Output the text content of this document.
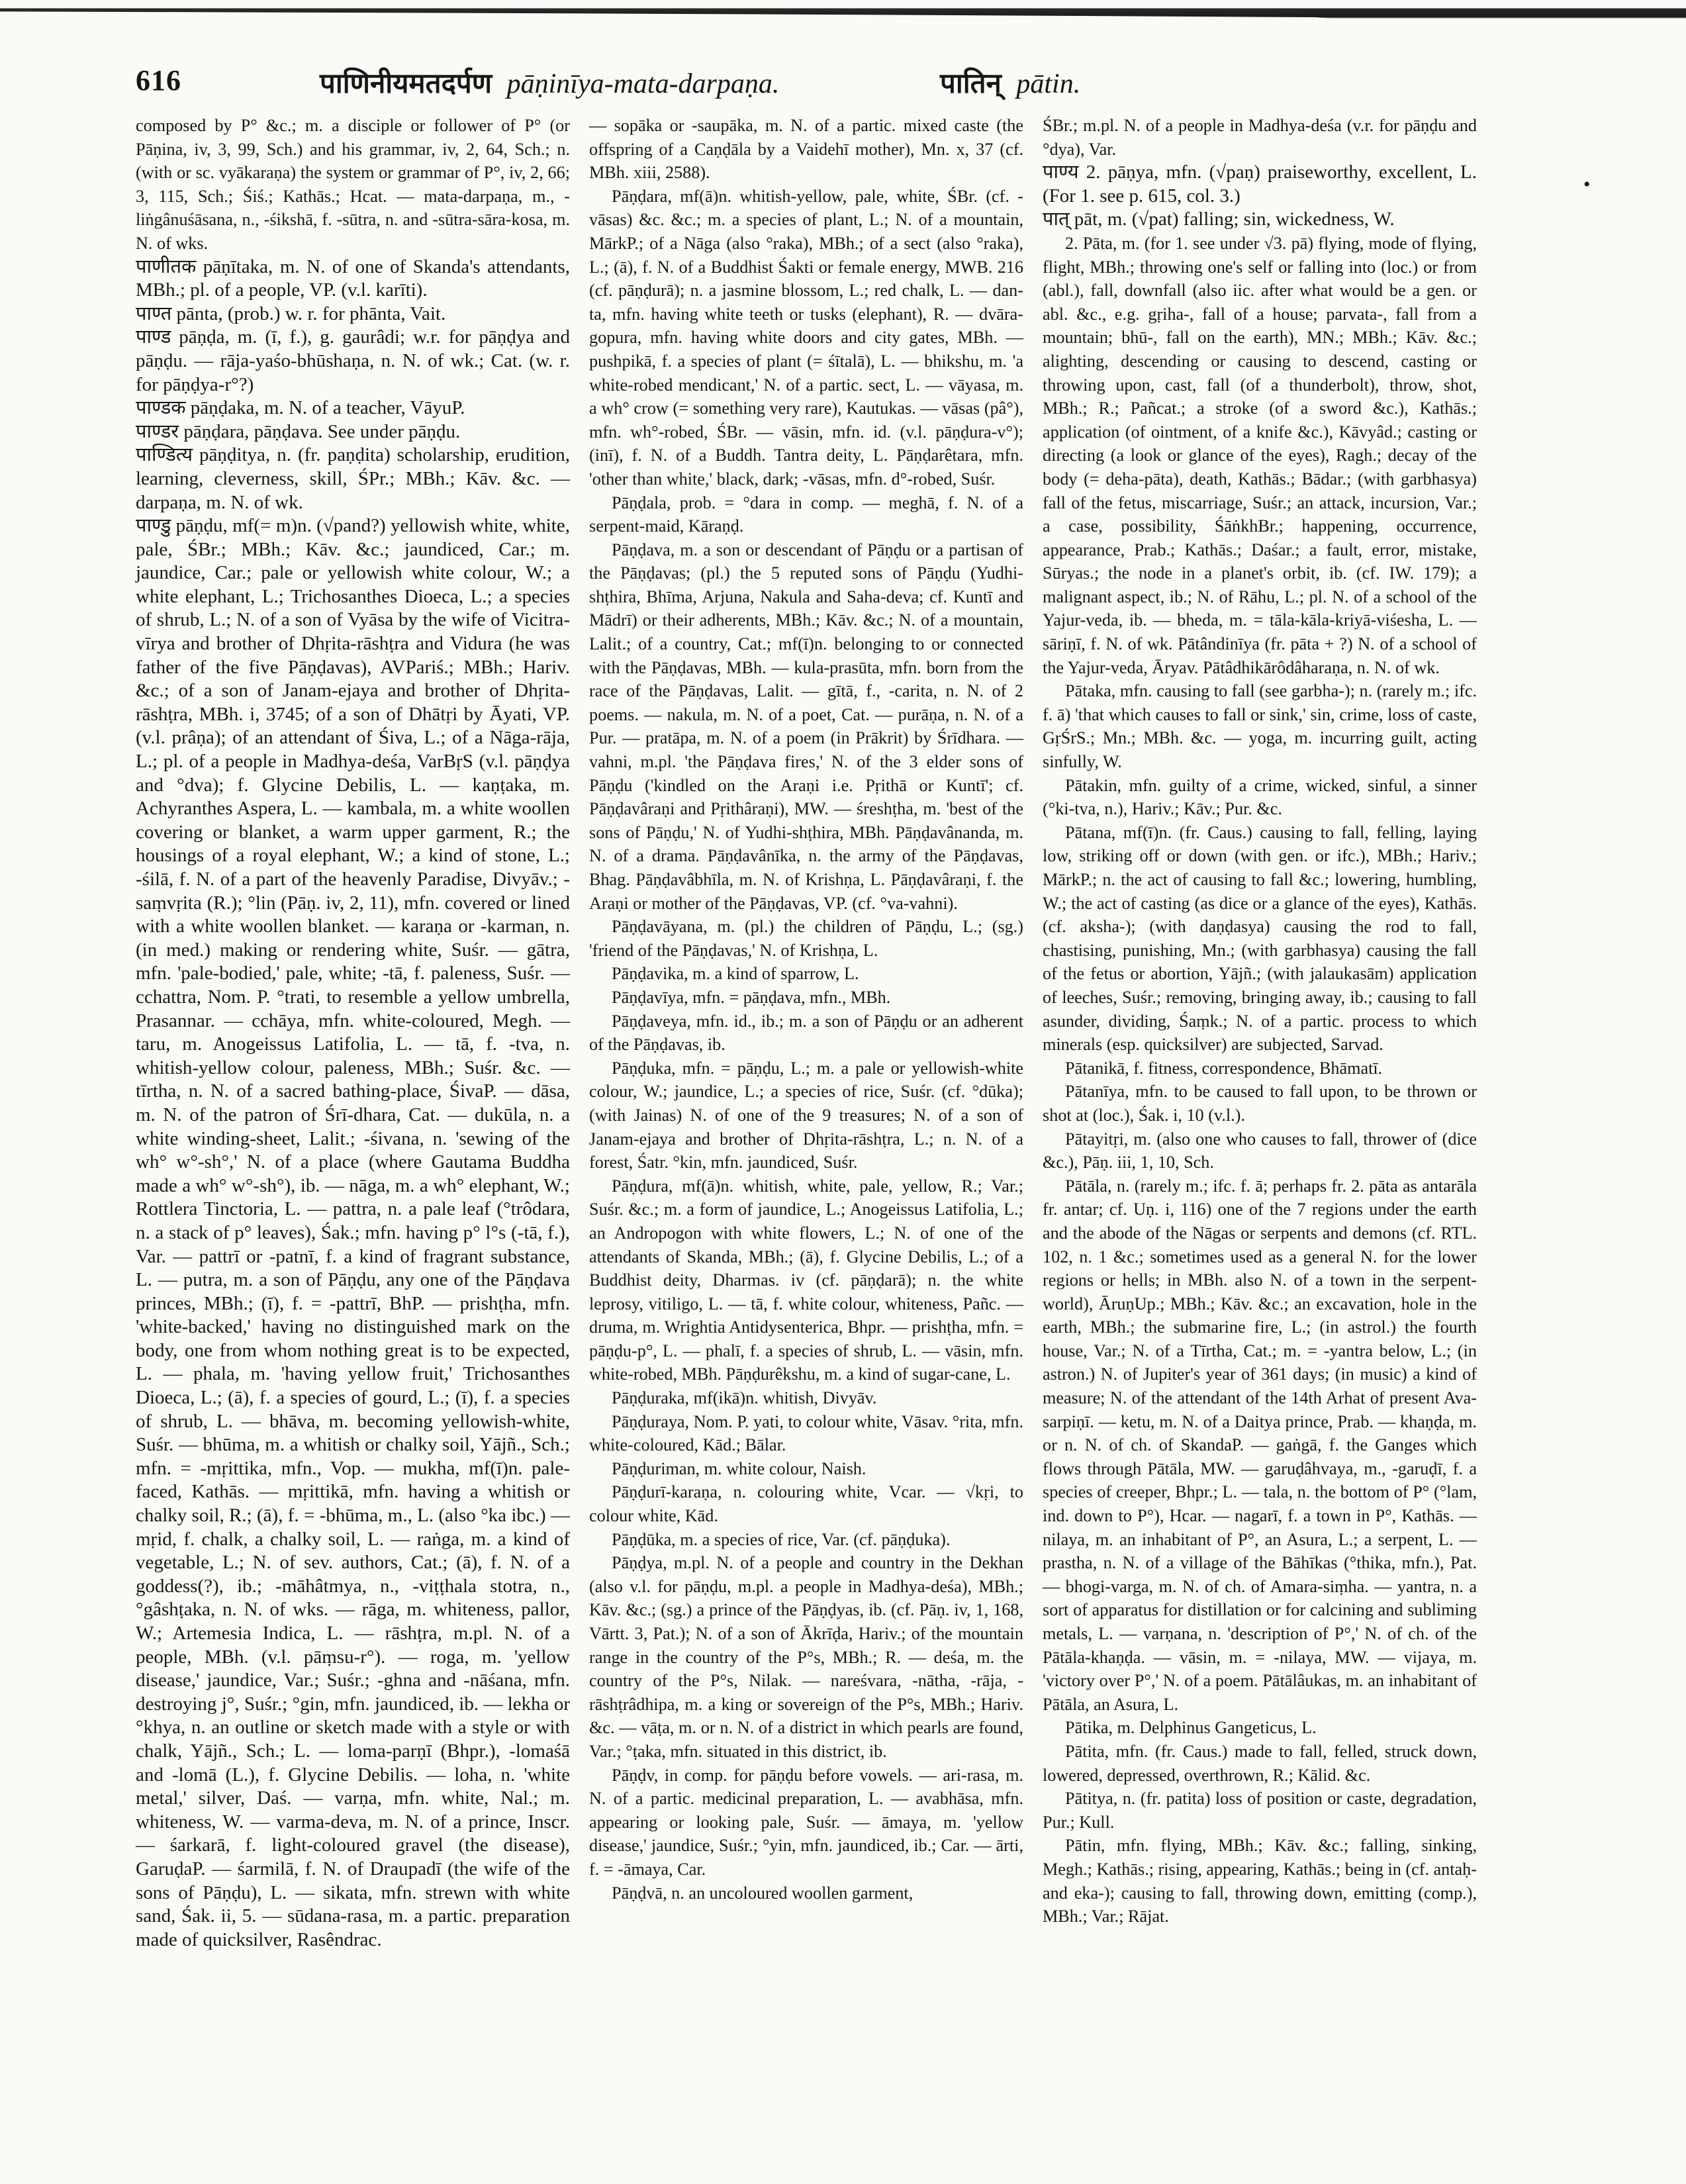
616	पाणिनीयमतदर्पण pāṇinīya-mata-darpaṇa.	पातिन् pātin.
•

composed by P° &c.; m. a disciple or follower of P° (or Pāṇina, iv, 3, 99, Sch.) and his grammar, iv, 2, 64, Sch.; n. (with or sc. vyākaraṇa) the system or grammar of P°, iv, 2, 66; 3, 115, Sch.; Śiś.; Kathās.; Hcat. — mata-darpaṇa, m., -liṅgânuśāsana, n., -śikshā, f. -sūtra, n. and -sūtra-sāra-kosa, m. N. of wks.

पाणीतक pāṇītaka, m. N. of one of Skanda's attendants, MBh.; pl. of a people, VP. (v.l. karīti).

पाण्त pānta, (prob.) w. r. for phānta, Vait.

पाण्ड pāṇḍa, m. (ī, f.), g. gaurâdi; w.r. for pāṇḍya and pāṇḍu. — rāja-yaśo-bhūshaṇa, n. N. of wk.; Cat. (w. r. for pāṇḍya-r°?)

पाण्डक pāṇḍaka, m. N. of a teacher, VāyuP.

पाण्डर pāṇḍara, pāṇḍava. See under pāṇḍu.

पाण्डित्य pāṇḍitya, n. (fr. paṇḍita) scholarship, erudition, learning, cleverness, skill, ŚPr.; MBh.; Kāv. &c. — darpaṇa, m. N. of wk.

पाण्डु pāṇḍu, mf(= m)n. (√pand?) yellowish white, white, pale, ŚBr.; MBh.; Kāv. &c.; jaundiced, Car.; m. jaundice, Car.; pale or yellowish white colour, W.; a white elephant, L.; Trichosanthes Dioeca, L.; a species of shrub, L.; N. of a son of Vyāsa by the wife of Vicitra-vīrya and brother of Dhṛita-rāshṭra and Vidura (he was father of the five Pāṇḍavas), AVPariś.; MBh.; Hariv. &c.; of a son of Janam-ejaya and brother of Dhṛita-rāshṭra, MBh. i, 3745; of a son of Dhātṛi by Āyati, VP. (v.l. prâṇa); of an attendant of Śiva, L.; of a Nāga-rāja, L.; pl. of a people in Madhya-deśa, VarBṛS (v.l. pāṇḍya and °dva); f. Glycine Debilis, L. — kaṇṭaka, m. Achyranthes Aspera, L. — kambala, m. a white woollen covering or blanket, a warm upper garment, R.; the housings of a royal elephant, W.; a kind of stone, L.; -śilā, f. N. of a part of the heavenly Paradise, Divyāv.; -saṃvṛita (R.); °lin (Pāṇ. iv, 2, 11), mfn. covered or lined with a white woollen blanket. — karaṇa or -karman, n. (in med.) making or rendering white, Suśr. — gātra, mfn. 'pale-bodied,' pale, white; -tā, f. paleness, Suśr. — cchattra, Nom. P. °trati, to resemble a yellow umbrella, Prasannar. — cchāya, mfn. white-coloured, Megh. — taru, m. Anogeissus Latifolia, L. — tā, f. -tva, n. whitish-yellow colour, paleness, MBh.; Suśr. &c. — tīrtha, n. N. of a sacred bathing-place, ŚivaP. — dāsa, m. N. of the patron of Śrī-dhara, Cat. — dukūla, n. a white winding-sheet, Lalit.; -śivana, n. 'sewing of the wh° w°-sh°,' N. of a place (where Gautama Buddha made a wh° w°-sh°), ib. — nāga, m. a wh° elephant, W.; Rottlera Tinctoria, L. — pattra, n. a pale leaf (°trôdara, n. a stack of p° leaves), Śak.; mfn. having p° l°s (-tā, f.), Var. — pattrī or -patnī, f. a kind of fragrant substance, L. — putra, m. a son of Pāṇḍu, any one of the Pāṇḍava princes, MBh.; (ī), f. = -pattrī, BhP. — prishṭha, mfn. 'white-backed,' having no distinguished mark on the body, one from whom nothing great is to be expected, L. — phala, m. 'having yellow fruit,' Trichosanthes Dioeca, L.; (ā), f. a species of gourd, L.; (ī), f. a species of shrub, L. — bhāva, m. becoming yellowish-white, Suśr. — bhūma, m. a whitish or chalky soil, Yājñ., Sch.; mfn. = -mṛittika, mfn., Vop. — mukha, mf(ī)n. pale-faced, Kathās. — mṛittikā, mfn. having a whitish or chalky soil, R.; (ā), f. = -bhūma, m., L. (also °ka ibc.) — mṛid, f. chalk, a chalky soil, L. — raṅga, m. a kind of vegetable, L.; N. of sev. authors, Cat.; (ā), f. N. of a goddess(?), ib.; -māhâtmya, n., -viṭṭhala stotra, n., °gâshṭaka, n. N. of wks. — rāga, m. whiteness, pallor, W.; Artemesia Indica, L. — rāshṭra, m.pl. N. of a people, MBh. (v.l. pāṃsu-r°). — roga, m. 'yellow disease,' jaundice, Var.; Suśr.; -ghna and -nāśana, mfn. destroying j°, Suśr.; °gin, mfn. jaundiced, ib. — lekha or °khya, n. an outline or sketch made with a style or with chalk, Yājñ., Sch.; L. — loma-parṇī (Bhpr.), -lomaśā and -lomā (L.), f. Glycine Debilis. — loha, n. 'white metal,' silver, Daś. — varṇa, mfn. white, Nal.; m. whiteness, W. — varma-deva, m. N. of a prince, Inscr. — śarkarā, f. light-coloured gravel (the disease), GaruḍaP. — śarmilā, f. N. of Draupadī (the wife of the sons of Pāṇḍu), L. — sikata, mfn. strewn with white sand, Śak. ii, 5. — sūdana-rasa, m. a partic. preparation made of quicksilver, Rasêndrac.

— sopāka or -saupāka, m. N. of a partic. mixed caste (the offspring of a Caṇḍāla by a Vaidehī mother), Mn. x, 37 (cf. MBh. xiii, 2588).

Pāṇḍara, mf(ā)n. whitish-yellow, pale, white, ŚBr. (cf. -vāsas) &c. &c.; m. a species of plant, L.; N. of a mountain, MārkP.; of a Nāga (also °raka), MBh.; of a sect (also °raka), L.; (ā), f. N. of a Buddhist Śakti or female energy, MWB. 216 (cf. pāṇḍurā); n. a jasmine blossom, L.; red chalk, L. — dan-ta, mfn. having white teeth or tusks (elephant), R. — dvāra-gopura, mfn. having white doors and city gates, MBh. — pushpikā, f. a species of plant (= śītalā), L. — bhikshu, m. 'a white-robed mendicant,' N. of a partic. sect, L. — vāyasa, m. a wh° crow (= something very rare), Kautukas. — vāsas (pâ°), mfn. wh°-robed, ŚBr. — vāsin, mfn. id. (v.l. pāṇḍura-v°); (inī), f. N. of a Buddh. Tantra deity, L. Pāṇḍarêtara, mfn. 'other than white,' black, dark; -vāsas, mfn. d°-robed, Suśr.

Pāṇḍala, prob. = °dara in comp. — meghā, f. N. of a serpent-maid, Kāraṇḍ.

Pāṇḍava, m. a son or descendant of Pāṇḍu or a partisan of the Pāṇḍavas; (pl.) the 5 reputed sons of Pāṇḍu (Yudhi-shṭhira, Bhīma, Arjuna, Nakula and Saha-deva; cf. Kuntī and Mādrī) or their adherents, MBh.; Kāv. &c.; N. of a mountain, Lalit.; of a country, Cat.; mf(ī)n. belonging to or connected with the Pāṇḍavas, MBh. — kula-prasūta, mfn. born from the race of the Pāṇḍavas, Lalit. — gītā, f., -carita, n. N. of 2 poems. — nakula, m. N. of a poet, Cat. — purāṇa, n. N. of a Pur. — pratāpa, m. N. of a poem (in Prākrit) by Śrīdhara. — vahni, m.pl. 'the Pāṇḍava fires,' N. of the 3 elder sons of Pāṇḍu ('kindled on the Araṇi i.e. Pṛithā or Kuntī'; cf. Pāṇḍavâraṇi and Pṛithâraṇi), MW. — śreshṭha, m. 'best of the sons of Pāṇḍu,' N. of Yudhi-shṭhira, MBh. Pāṇḍavânanda, m. N. of a drama. Pāṇḍavânīka, n. the army of the Pāṇḍavas, Bhag. Pāṇḍavâbhīla, m. N. of Krishṇa, L. Pāṇḍavâraṇi, f. the Araṇi or mother of the Pāṇḍavas, VP. (cf. °va-vahni).

Pāṇḍavāyana, m. (pl.) the children of Pāṇḍu, L.; (sg.) 'friend of the Pāṇḍavas,' N. of Krishṇa, L.

Pāṇḍavika, m. a kind of sparrow, L.

Pāṇḍavīya, mfn. = pāṇḍava, mfn., MBh.

Pāṇḍaveya, mfn. id., ib.; m. a son of Pāṇḍu or an adherent of the Pāṇḍavas, ib.

Pāṇḍuka, mfn. = pāṇḍu, L.; m. a pale or yellowish-white colour, W.; jaundice, L.; a species of rice, Suśr. (cf. °dūka); (with Jainas) N. of one of the 9 treasures; N. of a son of Janam-ejaya and brother of Dhṛita-rāshṭra, L.; n. N. of a forest, Śatr. °kin, mfn. jaundiced, Suśr.

Pāṇḍura, mf(ā)n. whitish, white, pale, yellow, R.; Var.; Suśr. &c.; m. a form of jaundice, L.; Anogeissus Latifolia, L.; an Andropogon with white flowers, L.; N. of one of the attendants of Skanda, MBh.; (ā), f. Glycine Debilis, L.; of a Buddhist deity, Dharmas. iv (cf. pāṇḍarā); n. the white leprosy, vitiligo, L. — tā, f. white colour, whiteness, Pañc. — druma, m. Wrightia Antidysenterica, Bhpr. — prishṭha, mfn. = pāṇḍu-p°, L. — phalī, f. a species of shrub, L. — vāsin, mfn. white-robed, MBh. Pāṇḍurêkshu, m. a kind of sugar-cane, L.

Pāṇḍuraka, mf(ikā)n. whitish, Divyāv.

Pāṇḍuraya, Nom. P. yati, to colour white, Vāsav. °rita, mfn. white-coloured, Kād.; Bālar.

Pāṇḍuriman, m. white colour, Naish.

Pāṇḍurī-karaṇa, n. colouring white, Vcar. — √kṛi, to colour white, Kād.

Pāṇḍūka, m. a species of rice, Var. (cf. pāṇḍuka).

Pāṇḍya, m.pl. N. of a people and country in the Dekhan (also v.l. for pāṇḍu, m.pl. a people in Madhya-deśa), MBh.; Kāv. &c.; (sg.) a prince of the Pāṇḍyas, ib. (cf. Pāṇ. iv, 1, 168, Vārtt. 3, Pat.); N. of a son of Ākrīḍa, Hariv.; of the mountain range in the country of the P°s, MBh.; R. — deśa, m. the country of the P°s, Nilak. — nareśvara, -nātha, -rāja, -rāshṭrâdhipa, m. a king or sovereign of the P°s, MBh.; Hariv. &c. — vāṭa, m. or n. N. of a district in which pearls are found, Var.; °ṭaka, mfn. situated in this district, ib.

Pāṇḍv, in comp. for pāṇḍu before vowels. — ari-rasa, m. N. of a partic. medicinal preparation, L. — avabhāsa, mfn. appearing or looking pale, Suśr. — āmaya, m. 'yellow disease,' jaundice, Suśr.; °yin, mfn. jaundiced, ib.; Car. — ārti, f. = -āmaya, Car.

Pāṇḍvā, n. an uncoloured woollen garment,

ŚBr.; m.pl. N. of a people in Madhya-deśa (v.r. for pāṇḍu and °dya), Var.

पाण्य 2. pāṇya, mfn. (√paṇ) praiseworthy, excellent, L. (For 1. see p. 615, col. 3.)

पात् pāt, m. (√pat) falling; sin, wickedness, W.

2. Pāta, m. (for 1. see under √3. pā) flying, mode of flying, flight, MBh.; throwing one's self or falling into (loc.) or from (abl.), fall, downfall (also iic. after what would be a gen. or abl. &c., e.g. gṛiha-, fall of a house; parvata-, fall from a mountain; bhū-, fall on the earth), MN.; MBh.; Kāv. &c.; alighting, descending or causing to descend, casting or throwing upon, cast, fall (of a thunderbolt), throw, shot, MBh.; R.; Pañcat.; a stroke (of a sword &c.), Kathās.; application (of ointment, of a knife &c.), Kāvyâd.; casting or directing (a look or glance of the eyes), Ragh.; decay of the body (= deha-pāta), death, Kathās.; Bādar.; (with garbhasya) fall of the fetus, miscarriage, Suśr.; an attack, incursion, Var.; a case, possibility, ŚāṅkhBr.; happening, occurrence, appearance, Prab.; Kathās.; Daśar.; a fault, error, mistake, Sūryas.; the node in a planet's orbit, ib. (cf. IW. 179); a malignant aspect, ib.; N. of Rāhu, L.; pl. N. of a school of the Yajur-veda, ib. — bheda, m. = tāla-kāla-kriyā-viśesha, L. — sāriṇī, f. N. of wk. Pātândinīya (fr. pāta + ?) N. of a school of the Yajur-veda, Āryav. Pātâdhikārôdâharaṇa, n. N. of wk.

Pātaka, mfn. causing to fall (see garbha-); n. (rarely m.; ifc. f. ā) 'that which causes to fall or sink,' sin, crime, loss of caste, GṛŚrS.; Mn.; MBh. &c. — yoga, m. incurring guilt, acting sinfully, W.

Pātakin, mfn. guilty of a crime, wicked, sinful, a sinner (°ki-tva, n.), Hariv.; Kāv.; Pur. &c.

Pātana, mf(ī)n. (fr. Caus.) causing to fall, felling, laying low, striking off or down (with gen. or ifc.), MBh.; Hariv.; MārkP.; n. the act of causing to fall &c.; lowering, humbling, W.; the act of casting (as dice or a glance of the eyes), Kathās. (cf. aksha-); (with daṇḍasya) causing the rod to fall, chastising, punishing, Mn.; (with garbhasya) causing the fall of the fetus or abortion, Yājñ.; (with jalaukasām) application of leeches, Suśr.; removing, bringing away, ib.; causing to fall asunder, dividing, Śaṃk.; N. of a partic. process to which minerals (esp. quicksilver) are subjected, Sarvad.

Pātanikā, f. fitness, correspondence, Bhāmatī.

Pātanīya, mfn. to be caused to fall upon, to be thrown or shot at (loc.), Śak. i, 10 (v.l.).

Pātayitṛi, m. (also one who causes to fall, thrower of (dice &c.), Pāṇ. iii, 1, 10, Sch.

Pātāla, n. (rarely m.; ifc. f. ā; perhaps fr. 2. pāta as antarāla fr. antar; cf. Uṇ. i, 116) one of the 7 regions under the earth and the abode of the Nāgas or serpents and demons (cf. RTL. 102, n. 1 &c.; sometimes used as a general N. for the lower regions or hells; in MBh. also N. of a town in the serpent-world), ĀruṇUp.; MBh.; Kāv. &c.; an excavation, hole in the earth, MBh.; the submarine fire, L.; (in astrol.) the fourth house, Var.; N. of a Tīrtha, Cat.; m. = -yantra below, L.; (in astron.) N. of Jupiter's year of 361 days; (in music) a kind of measure; N. of the attendant of the 14th Arhat of present Ava-sarpiṇī. — ketu, m. N. of a Daitya prince, Prab. — khaṇḍa, m. or n. N. of ch. of SkandaP. — gaṅgā, f. the Ganges which flows through Pātāla, MW. — garuḍâhvaya, m., -garuḍī, f. a species of creeper, Bhpr.; L. — tala, n. the bottom of P° (°lam, ind. down to P°), Hcar. — nagarī, f. a town in P°, Kathās. — nilaya, m. an inhabitant of P°, an Asura, L.; a serpent, L. — prastha, n. N. of a village of the Bāhīkas (°thika, mfn.), Pat. — bhogi-varga, m. N. of ch. of Amara-siṃha. — yantra, n. a sort of apparatus for distillation or for calcining and subliming metals, L. — varṇana, n. 'description of P°,' N. of ch. of the Pātāla-khaṇḍa. — vāsin, m. = -nilaya, MW. — vijaya, m. 'victory over P°,' N. of a poem. Pātālâukas, m. an inhabitant of Pātāla, an Asura, L.

Pātika, m. Delphinus Gangeticus, L.

Pātita, mfn. (fr. Caus.) made to fall, felled, struck down, lowered, depressed, overthrown, R.; Kālid. &c.

Pātitya, n. (fr. patita) loss of position or caste, degradation, Pur.; Kull.

Pātin, mfn. flying, MBh.; Kāv. &c.; falling, sinking, Megh.; Kathās.; rising, appearing, Kathās.; being in (cf. antaḥ- and eka-); causing to fall, throwing down, emitting (comp.), MBh.; Var.; Rājat.
